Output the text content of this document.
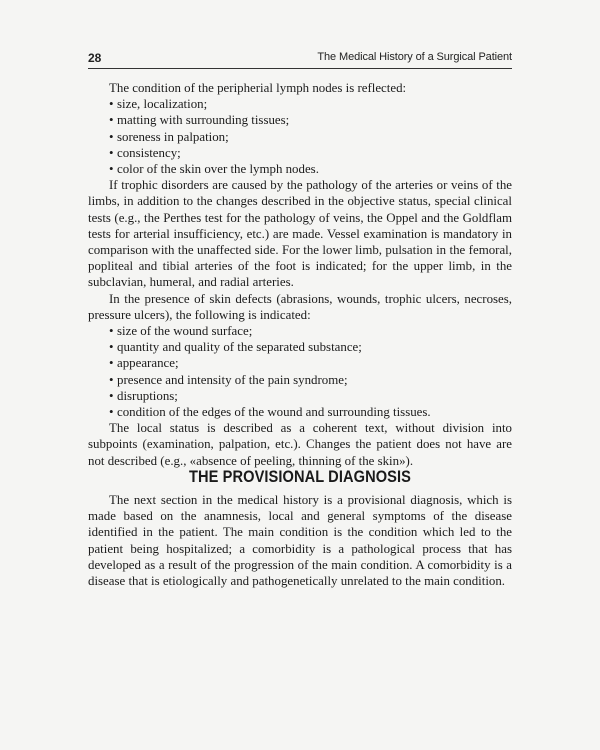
28	The Medical History of a Surgical Patient

The condition of the peripherial lymph nodes is reflected:

• size, localization;
• matting with surrounding tissues;
• soreness in palpation;
• consistency;
• color of the skin over the lymph nodes.

If trophic disorders are caused by the pathology of the arteries or veins of the limbs, in addition to the changes described in the objective status, special clinical tests (e.g., the Perthes test for the pathology of veins, the Oppel and the Goldflam tests for arterial insufficiency, etc.) are made. Vessel examination is mandatory in comparison with the unaffected side. For the lower limb, pulsation in the femoral, popliteal and tibial arteries of the foot is indicated; for the upper limb, in the subclavian, humeral, and radial arteries.

In the presence of skin defects (abrasions, wounds, trophic ulcers, necroses, pressure ulcers), the following is indicated:

• size of the wound surface;
• quantity and quality of the separated substance;
• appearance;
• presence and intensity of the pain syndrome;
• disruptions;
• condition of the edges of the wound and surrounding tissues.

The local status is described as a coherent text, without division into subpoints (examination, palpation, etc.). Changes the patient does not have are not described (e.g., «absence of peeling, thinning of the skin»).

THE PROVISIONAL DIAGNOSIS

The next section in the medical history is a provisional diagnosis, which is made based on the anamnesis, local and general symptoms of the disease identified in the patient. The main condition is the condition which led to the patient being hospitalized; a comorbidity is a pathological process that has developed as a result of the progression of the main condition. A comorbidity is a disease that is etiologically and pathogenetically unrelated to the main condition.
